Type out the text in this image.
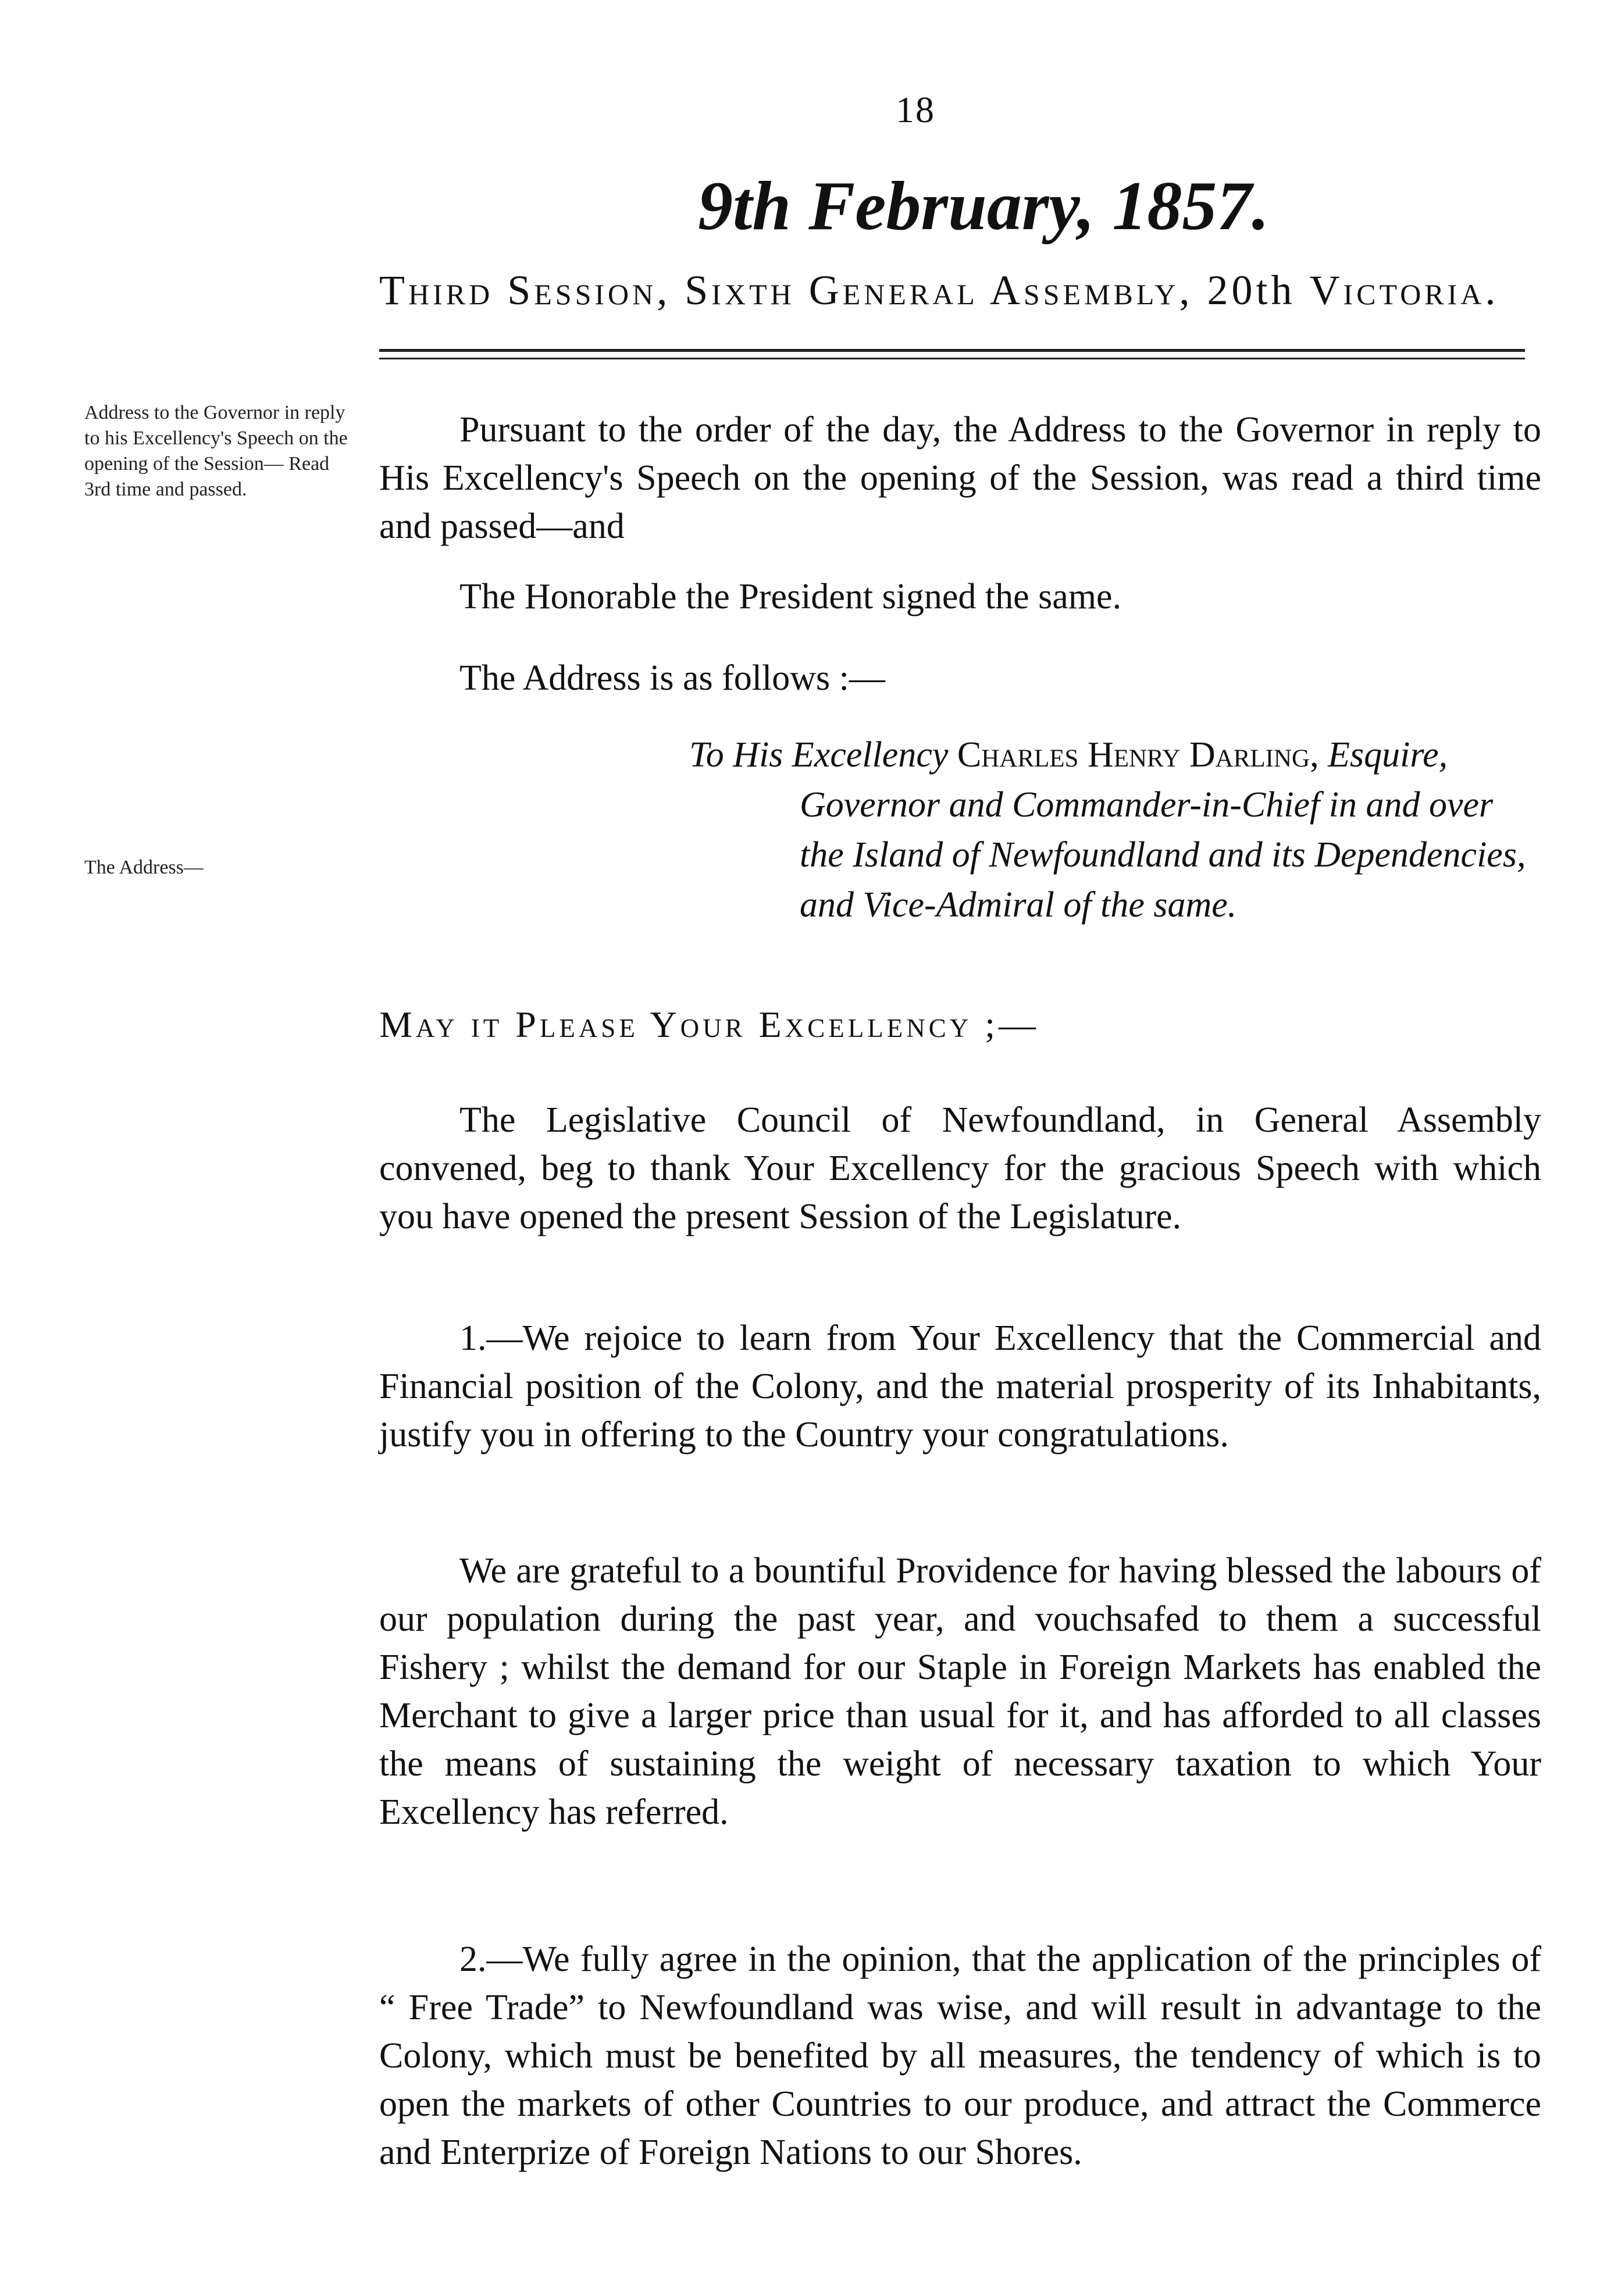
18
9th February, 1857.
Third Session, Sixth General Assembly, 20th Victoria.
Address to the Governor in reply to his Excellency's Speech on the opening of the Session— Read 3rd time and passed.
The Address—
Pursuant to the order of the day, the Address to the Governor in reply to His Excellency's Speech on the opening of the Session, was read a third time and passed—and
The Honorable the President signed the same.
The Address is as follows :—
To His Excellency Charles Henry Darling, Esquire, Governor and Commander-in-Chief in and over the Island of Newfoundland and its Dependencies, and Vice-Admiral of the same.
May it Please Your Excellency ;—
The Legislative Council of Newfoundland, in General Assembly convened, beg to thank Your Excellency for the gracious Speech with which you have opened the present Session of the Legislature.
1.—We rejoice to learn from Your Excellency that the Commercial and Financial position of the Colony, and the material prosperity of its Inhabitants, justify you in offering to the Country your congratulations.
We are grateful to a bountiful Providence for having blessed the labours of our population during the past year, and vouchsafed to them a successful Fishery ; whilst the demand for our Staple in Foreign Markets has enabled the Merchant to give a larger price than usual for it, and has afforded to all classes the means of sustaining the weight of necessary taxation to which Your Excellency has referred.
2.—We fully agree in the opinion, that the application of the principles of “ Free Trade” to Newfoundland was wise, and will result in advantage to the Colony, which must be benefited by all measures, the tendency of which is to open the markets of other Countries to our produce, and attract the Commerce and Enterprize of Foreign Nations to our Shores.
